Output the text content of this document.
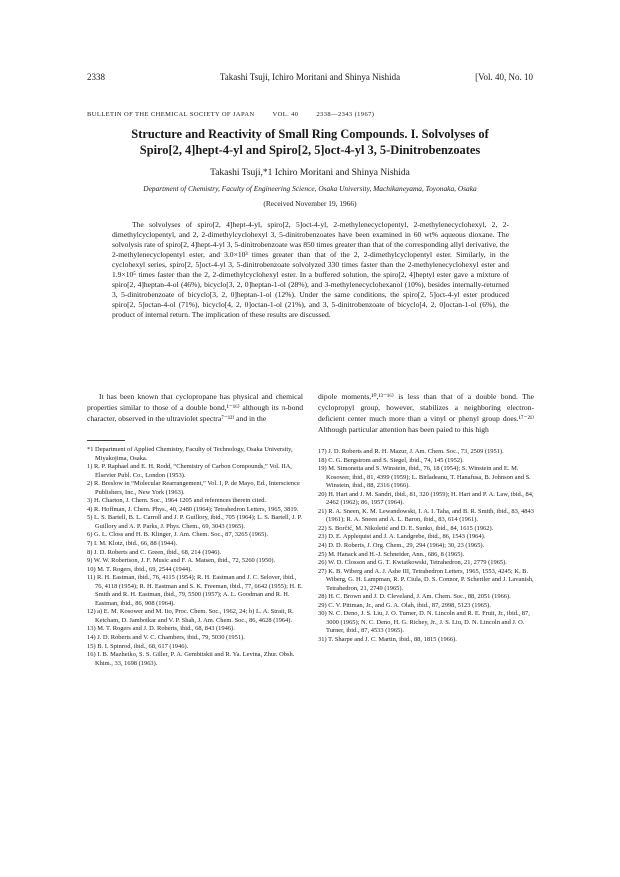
2338	Takashi Tsuji, Ichiro Moritani and Shinya Nishida	[Vol. 40, No. 10
BULLETIN OF THE CHEMICAL SOCIETY OF JAPAN	VOL. 40	2338—2343 (1967)
Structure and Reactivity of Small Ring Compounds. I. Solvolyses of
Spiro[2, 4]hept-4-yl and Spiro[2, 5]oct-4-yl 3, 5-Dinitrobenzoates
Takashi Tsuji,*1 Ichiro Moritani and Shinya Nishida
Department of Chemistry, Faculty of Engineering Science, Osaka University, Machikaneyama, Toyonaka, Osaka
(Received November 19, 1966)
The solvolyses of spiro[2, 4]hept-4-yl, spiro[2, 5]oct-4-yl, 2-methylenecyclopentyl, 2-methylenecyclohexyl, 2, 2-dimethylcyclopentyl, and 2, 2-dimethylcyclohexyl 3, 5-dinitrobenzoates have been examined in 60 wt% aqueous dioxane. The solvolysis rate of spiro[2, 4]hept-4-yl 3, 5-dinitrobenzoate was 850 times greater than that of the corresponding allyl derivative, the 2-methylenecyclopentyl ester, and 3.0×10³ times greater than that of the 2, 2-dimethylcyclopentyl ester. Similarly, in the cyclohexyl series, spiro[2, 5]oct-4-yl 3, 5-dinitrobenzoate solvolyzed 330 times faster than the 2-methylenecyclohexyl ester and 1.9×10⁵ times faster than the 2, 2-dimethylcyclohexyl ester. In a buffered solution, the spiro[2, 4]heptyl ester gave a mixture of spiro[2, 4]heptan-4-ol (46%), bicyclo[3, 2, 0]heptan-1-ol (28%), and 3-methylenecyclohexanol (10%), besides internally-returned 3, 5-dinitrobenzoate of bicyclo[3, 2, 0]heptan-1-ol (12%). Under the same conditions, the spiro[2, 5]oct-4-yl ester produced spiro[2, 5]octan-4-ol (71%), bicyclo[4, 2, 0]octan-1-ol (21%), and 3, 5-dinitrobenzoate of bicyclo[4, 2, 0]octan-1-ol (6%), the product of internal return. The implication of these results are discussed.

It has been known that cyclopropane has physical and chemical properties similar to those of a double bond,¹⁻¹⁶⁾ although its π-bond character, observed in the ultraviolet spectra⁷⁻¹²⁾ and in the

dipole moments,¹⁰,¹³⁻¹⁶⁾ is less than that of a double bond. The cyclopropyl group, however, stabilizes a neighboring electron-deficient center much more than a vinyl or phenyl group does.¹⁷⁻²¹⁾ Although particular attention has been paied to this high

*1 Department of Applied Chemistry, Faculty of Technology, Osaka University, Miyakojima, Osaka.
1) R. P. Raphael and E. H. Rodd, “Chemistry of Carbon Compounds,” Vol. IIA, Elsevier Publ. Co., London (1953).
2) R. Breslow in “Molecular Rearrangement,” Vol. I, P. de Mayo, Ed., Interscience Publishers, Inc., New York (1963).
3) H. Charton, J. Chem. Soc., 1964 1205 and references therein cited.
4) R. Hoffman, J. Chem. Phys., 40, 2480 (1964); Tetrahedron Letters, 1965, 3819.
5) L. S. Bartell, B. L. Carroll and J. P. Guillory, ibid., 705 (1964); L. S. Bartell, J. P. Guillory and A. P. Parks, J. Phys. Chem., 69, 3043 (1965).
6) G. L. Closs and H. B. Klinger, J. Am. Chem. Soc., 87, 3265 (1965).
7) I. M. Klotz, ibid., 66, 88 (1944).
8) J. D. Roberts and C. Green, ibid., 68, 214 (1946).
9) W. W. Robertson, J. F. Music and F. A. Matsen, ibid., 72, 5260 (1950).
10) M. T. Rogers, ibid., 69, 2544 (1944).
11) R. H. Eastman, ibid., 76, 4115 (1954); R. H. Eastman and J. C. Selover, ibid., 76, 4118 (1954); R. H. Eastman and S. K. Freeman, ibid., 77, 6642 (1955); H. E. Smith and R. H. Eastman, ibid., 79, 5500 (1957); A. L. Goodman and R. H. Eastman, ibid., 86, 908 (1964).
12) a) E. M. Kosower and M. Ito, Proc. Chem. Soc., 1962, 24; b) L. A. Strait, R. Ketcham, D. Jambotkar and V. P. Shah, J. Am. Chem. Soc., 86, 4628 (1964).
13) M. T. Rogers and J. D. Roberts, ibid., 68, 843 (1946).
14) J. D. Roberts and V. C. Chambers, ibid., 79, 5030 (1951).
15) B. I. Spinrod, ibid., 68, 617 (1946).
16) I. B. Mazheiko, S. S. Giller, P. A. Gembitskii and R. Ya. Levina, Zhur. Obsh. Khim., 33, 1698 (1963).
17) J. D. Roberts and R. H. Mazur, J. Am. Chem. Soc., 73, 2509 (1951).
18) C. G. Bergstrom and S. Siegel, ibid., 74, 145 (1952).
19) M. Simonetta and S. Winstein, ibid., 76, 18 (1954); S. Winstein and E. M. Kosower, ibid., 81, 4399 (1959); L. Birladeanu, T. Hanafusa, B. Johnson and S. Winstein, ibid., 88, 2316 (1966).
20) H. Hart and J. M. Sandri, ibid., 81, 320 (1959); H. Hart and P. A. Law, ibid., 84, 2462 (1962); 86, 1957 (1964).
21) R. A. Sneen, K. M. Lewandowski, I. A. I. Taha, and B. R. Smith, ibid., 83, 4843 (1961); R. A. Sneen and A. L. Baron, ibid., 83, 614 (1961).
22) S. Borčić, M. Nikoletić and D. E. Sunko, ibid., 84, 1615 (1962).
23) D. E. Applequist and J. A. Landgrebe, ibid., 86, 1543 (1964).
24) D. D. Roberts, J. Org. Chem., 29, 294 (1964); 30, 23 (1965).
25) M. Hanack and H.-J. Schneider, Ann., 686, 8 (1965).
26) W. D. Closson and G. T. Kwiatkowski, Tetrahedron, 21, 2779 (1965).
27) K. B. Wiberg and A. J. Ashe III, Tetrahedron Letters, 1965, 1553, 4245; K. B. Wiberg, G. H. Lampman, R. P. Ciula, D. S. Connor, P. Schertler and J. Lavanish, Tetrahedron, 21, 2749 (1965).
28) H. C. Brown and J. D. Cleveland, J. Am. Chem. Soc., 88, 2051 (1966).
29) C. V. Pittman, Jr., and G. A. Olah, ibid., 87, 2998, 5123 (1965).
30) N. C. Deno, J. S. Liu, J. O. Turner, D. N. Lincoln and R. E. Fruit, Jr., ibid., 87, 3000 (1965); N. C. Deno, H. G. Richey, Jr., J. S. Liu, D. N. Lincoln and J. O. Turner, ibid., 87, 4533 (1965).
31) T. Sharpe and J. C. Martin, ibid., 88, 1815 (1966).
